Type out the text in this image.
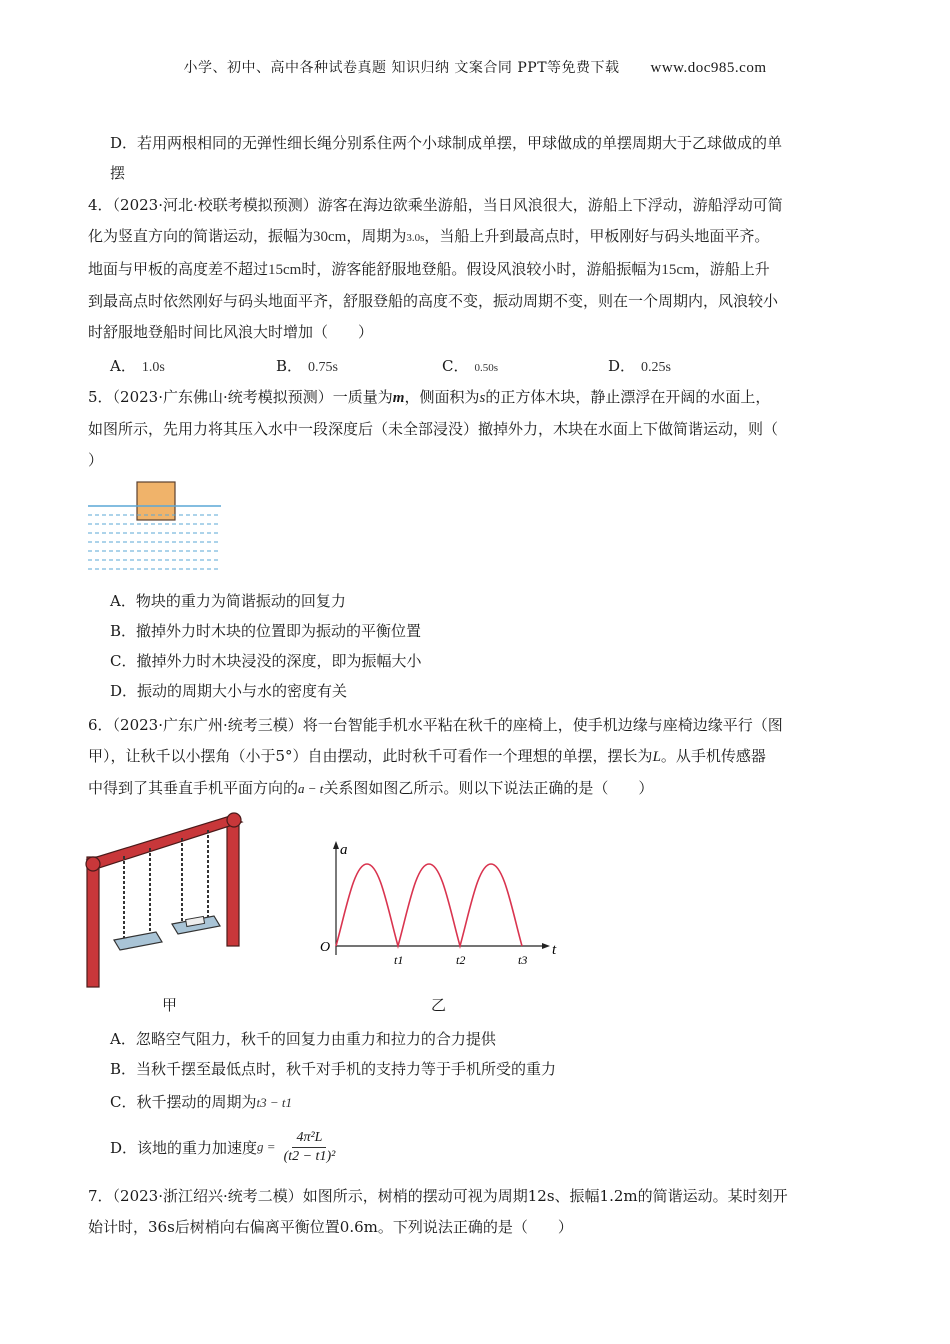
小学、初中、高中各种试卷真题 知识归纳 文案合同 PPT等免费下载 www.doc985.com

D．若用两根相同的无弹性细长绳分别系住两个小球制成单摆，甲球做成的单摆周期大于乙球做成的单

摆

4．（2023·河北·校联考模拟预测）游客在海边欲乘坐游船，当日风浪很大，游船上下浮动，游船浮动可简

化为竖直方向的简谐运动，振幅为30cm，周期为3.0s，当船上升到最高点时，甲板刚好与码头地面平齐。

地面与甲板的高度差不超过15cm时，游客能舒服地登船。假设风浪较小时，游船振幅为15cm，游船上升

到最高点时依然刚好与码头地面平齐，舒服登船的高度不变，振动周期不变，则在一个周期内，风浪较小

时舒服地登船时间比风浪大时增加（　　）

A． 1.0s	B． 0.75s	C． 0.50s	D． 0.25s

5．（2023·广东佛山·统考模拟预测）一质量为m，侧面积为s的正方体木块，静止漂浮在开阔的水面上，

如图所示，先用力将其压入水中一段深度后（未全部浸没）撤掉外力，木块在水面上下做简谐运动，则（

）

A．物块的重力为简谐振动的回复力

B．撤掉外力时木块的位置即为振动的平衡位置

C．撤掉外力时木块浸没的深度，即为振幅大小

D．振动的周期大小与水的密度有关

6．（2023·广东广州·统考三模）将一台智能手机水平粘在秋千的座椅上，使手机边缘与座椅边缘平行（图

甲），让秋千以小摆角（小于5°）自由摆动，此时秋千可看作一个理想的单摆，摆长为L。从手机传感器

中得到了其垂直手机平面方向的a − t关系图如图乙所示。则以下说法正确的是（　　）

甲
a
t
O
t1	t2	t3
乙

A．忽略空气阻力，秋千的回复力由重力和拉力的合力提供

B．当秋千摆至最低点时，秋千对手机的支持力等于手机所受的重力

C．秋千摆动的周期为t3 − t1

D．该地的重力加速度 $g = \frac{\text{4π²L}}{\text{(t2 − t1)²}}$

7．（2023·浙江绍兴·统考二模）如图所示，树梢的摆动可视为周期12s、振幅1.2m的简谐运动。某时刻开

始计时，36s后树梢向右偏离平衡位置0.6m。下列说法正确的是（　　）
